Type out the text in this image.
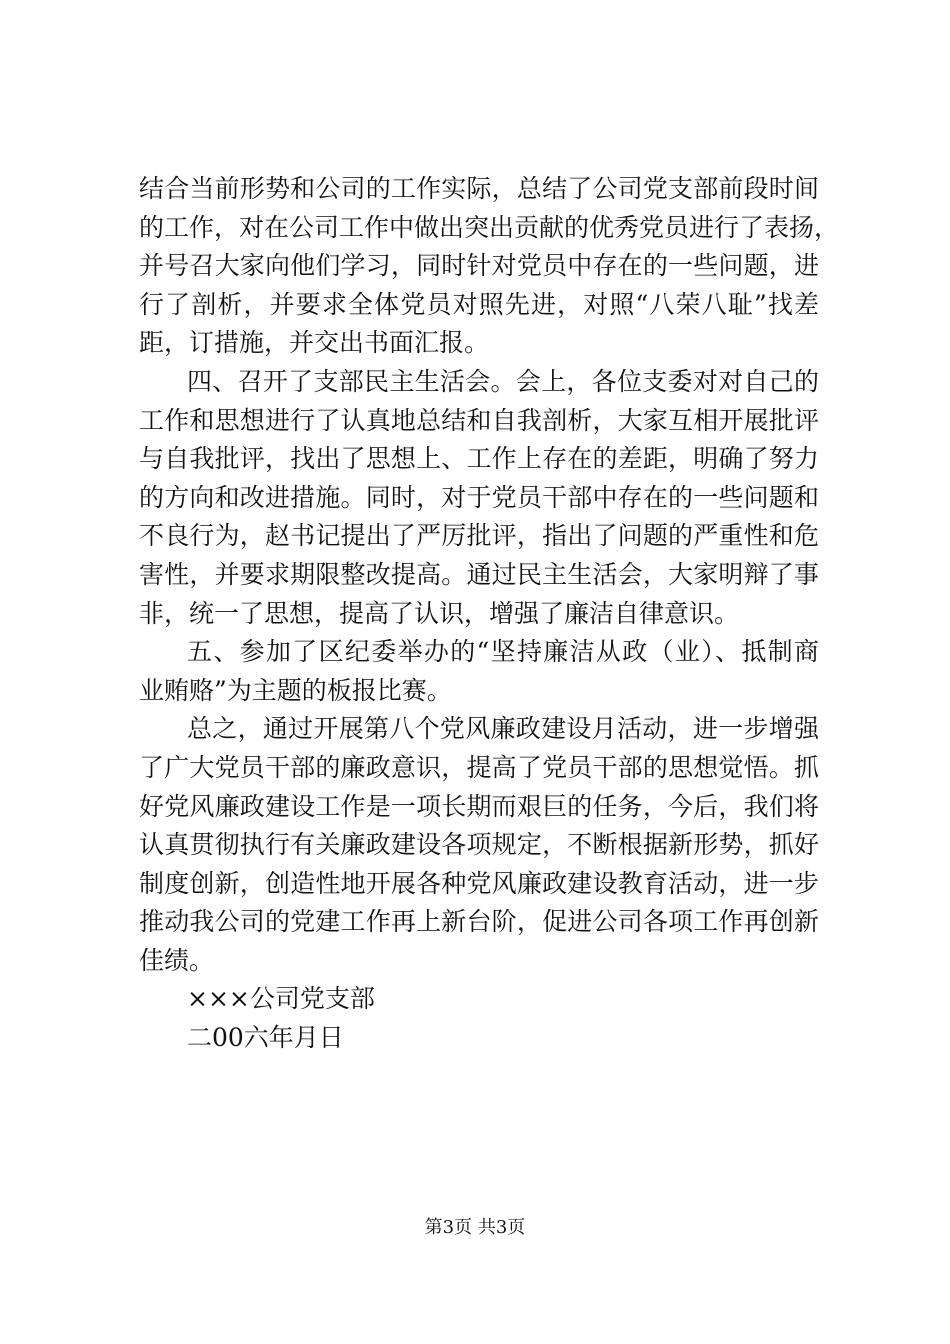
结合当前形势和公司的工作实际，总结了公司党支部前段时间
的工作，对在公司工作中做出突出贡献的优秀党员进行了表扬，
并号召大家向他们学习，同时针对党员中存在的一些问题，进
行了剖析，并要求全体党员对照先进，对照“八荣八耻”找差
距，订措施，并交出书面汇报。
四、召开了支部民主生活会。会上，各位支委对对自己的
工作和思想进行了认真地总结和自我剖析，大家互相开展批评
与自我批评，找出了思想上、工作上存在的差距，明确了努力
的方向和改进措施。同时，对于党员干部中存在的一些问题和
不良行为，赵书记提出了严厉批评，指出了问题的严重性和危
害性，并要求期限整改提高。通过民主生活会，大家明辩了事
非，统一了思想，提高了认识，增强了廉洁自律意识。
五、参加了区纪委举办的“坚持廉洁从政（业）、抵制商
业贿赂”为主题的板报比赛。
总之，通过开展第八个党风廉政建设月活动，进一步增强
了广大党员干部的廉政意识，提高了党员干部的思想觉悟。抓
好党风廉政建设工作是一项长期而艰巨的任务，今后，我们将
认真贯彻执行有关廉政建设各项规定，不断根据新形势，抓好
制度创新，创造性地开展各种党风廉政建设教育活动，进一步
推动我公司的党建工作再上新台阶，促进公司各项工作再创新
佳绩。
×××公司党支部
二00六年月日
第3页 共3页
